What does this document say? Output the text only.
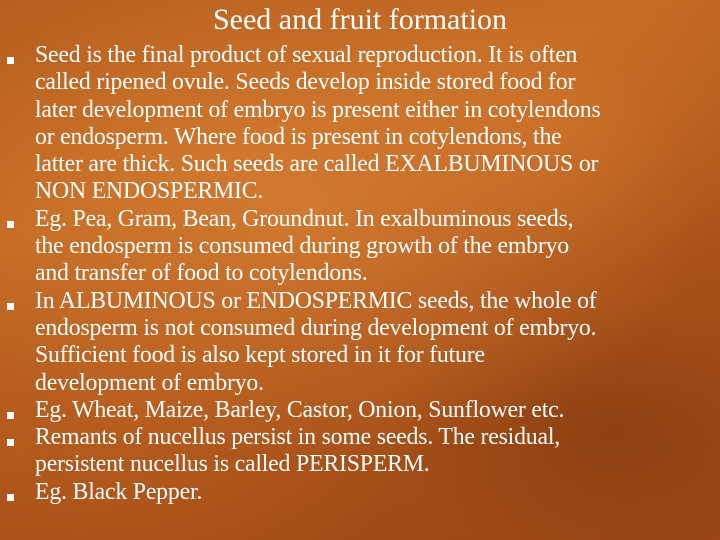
Seed and fruit formation
Seed is the final product of sexual reproduction. It is often
called ripened ovule. Seeds develop inside stored food for
later development of embryo is present either in cotylendons
or endosperm. Where food is present in cotylendons, the
latter are thick. Such seeds are called EXALBUMINOUS or
NON ENDOSPERMIC.
Eg. Pea, Gram, Bean, Groundnut. In exalbuminous seeds,
the endosperm is consumed during growth of the embryo
and transfer of food to cotylendons.
In ALBUMINOUS or ENDOSPERMIC seeds, the whole of
endosperm is not consumed during development of embryo.
Sufficient food is also kept stored in it for future
development of embryo.
Eg. Wheat, Maize, Barley, Castor, Onion, Sunflower etc.
Remants of nucellus persist in some seeds. The residual,
persistent nucellus is called PERISPERM.
Eg. Black Pepper.
